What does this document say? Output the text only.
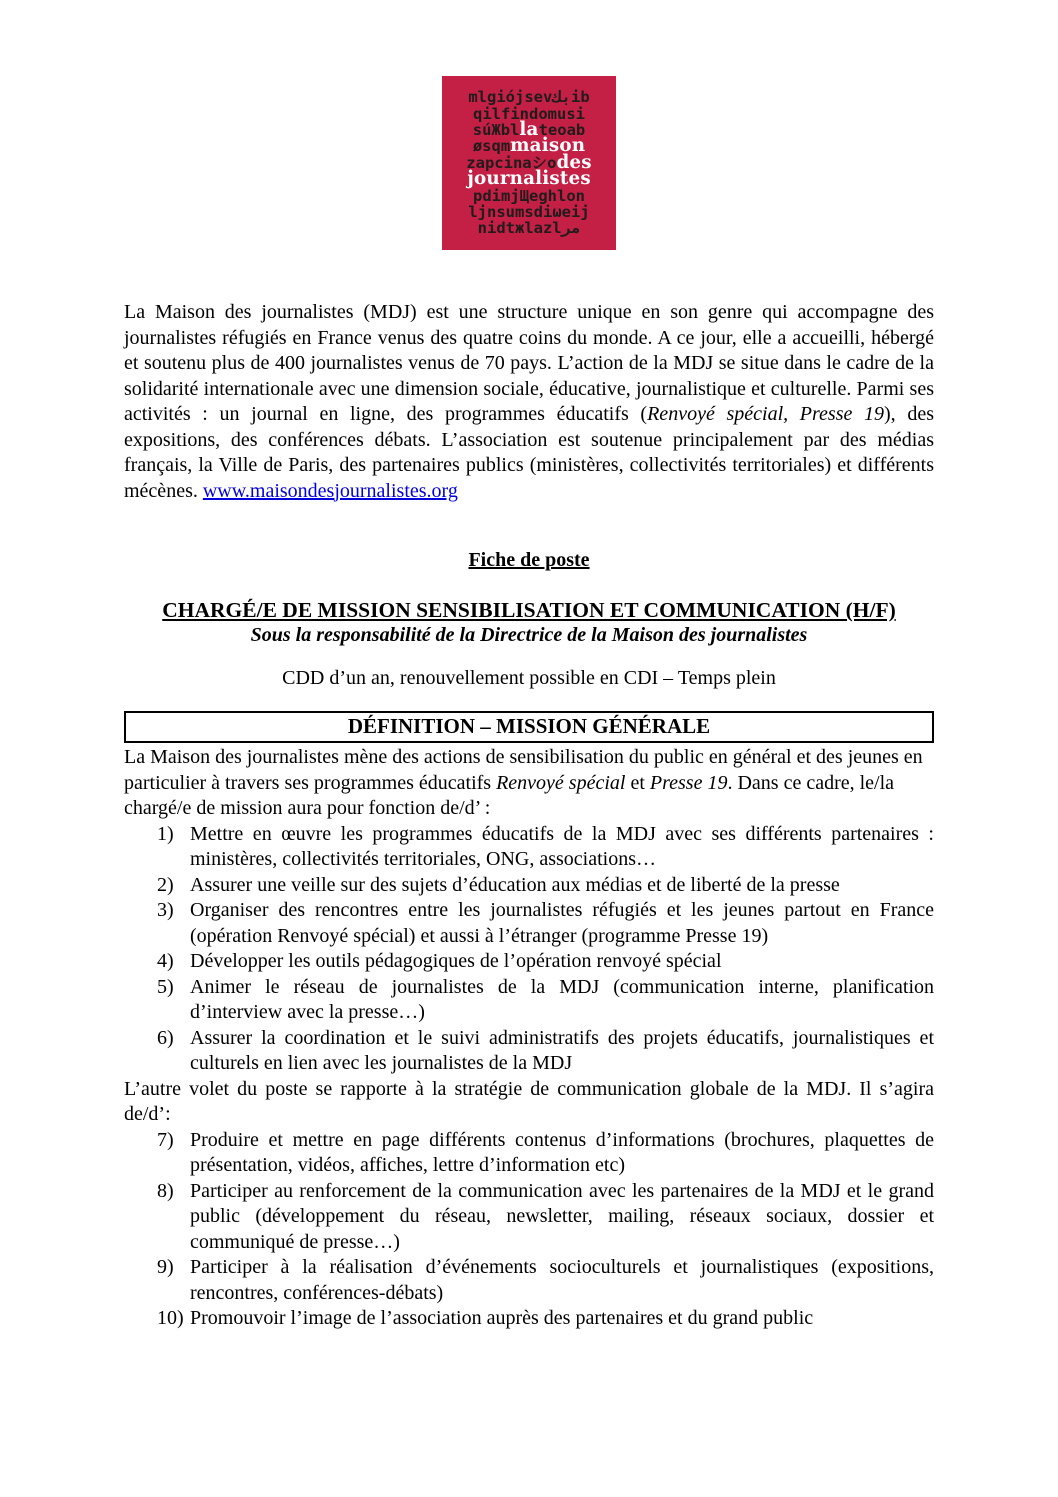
mlgiójsevبكib
qilfindomusi
súЖbllateoab
øsqmmaison
zapcinaシodes
journalistes
pdimjЩeghlon
ljnsumsdiωeij
nidtжlazlمر

La Maison des journalistes (MDJ) est une structure unique en son genre qui accompagne des journalistes réfugiés en France venus des quatre coins du monde. A ce jour, elle a accueilli, hébergé et soutenu plus de 400 journalistes venus de 70 pays. L’action de la MDJ se situe dans le cadre de la solidarité internationale avec une dimension sociale, éducative, journalistique et culturelle. Parmi ses activités : un journal en ligne, des programmes éducatifs (Renvoyé spécial, Presse 19), des expositions, des conférences débats. L’association est soutenue principalement par des médias français, la Ville de Paris, des partenaires publics (ministères, collectivités territoriales) et différents mécènes. www.maisondesjournalistes.org

Fiche de poste
CHARGÉ/E DE MISSION SENSIBILISATION ET COMMUNICATION (H/F)
Sous la responsabilité de la Directrice de la Maison des journalistes
CDD d’un an, renouvellement possible en CDI – Temps plein
DÉFINITION – MISSION GÉNÉRALE

La Maison des journalistes mène des actions de sensibilisation du public en général et des jeunes en particulier à travers ses programmes éducatifs Renvoyé spécial et Presse 19. Dans ce cadre, le/la chargé/e de mission aura pour fonction de/d’ :

1) Mettre en œuvre les programmes éducatifs de la MDJ avec ses différents partenaires : ministères, collectivités territoriales, ONG, associations…
2) Assurer une veille sur des sujets d’éducation aux médias et de liberté de la presse
3) Organiser des rencontres entre les journalistes réfugiés et les jeunes partout en France (opération Renvoyé spécial) et aussi à l’étranger (programme Presse 19)
4) Développer les outils pédagogiques de l’opération renvoyé spécial
5) Animer le réseau de journalistes de la MDJ (communication interne, planification d’interview avec la presse…)
6) Assurer la coordination et le suivi administratifs des projets éducatifs, journalistiques et culturels en lien avec les journalistes de la MDJ

L’autre volet du poste se rapporte à la stratégie de communication globale de la MDJ. Il s’agira de/d’:

7) Produire et mettre en page différents contenus d’informations (brochures, plaquettes de présentation, vidéos, affiches, lettre d’information etc)
8) Participer au renforcement de la communication avec les partenaires de la MDJ et le grand public (développement du réseau, newsletter, mailing, réseaux sociaux, dossier et communiqué de presse…)
9) Participer à la réalisation d’événements socioculturels et journalistiques (expositions, rencontres, conférences-débats)
10) Promouvoir l’image de l’association auprès des partenaires et du grand public
